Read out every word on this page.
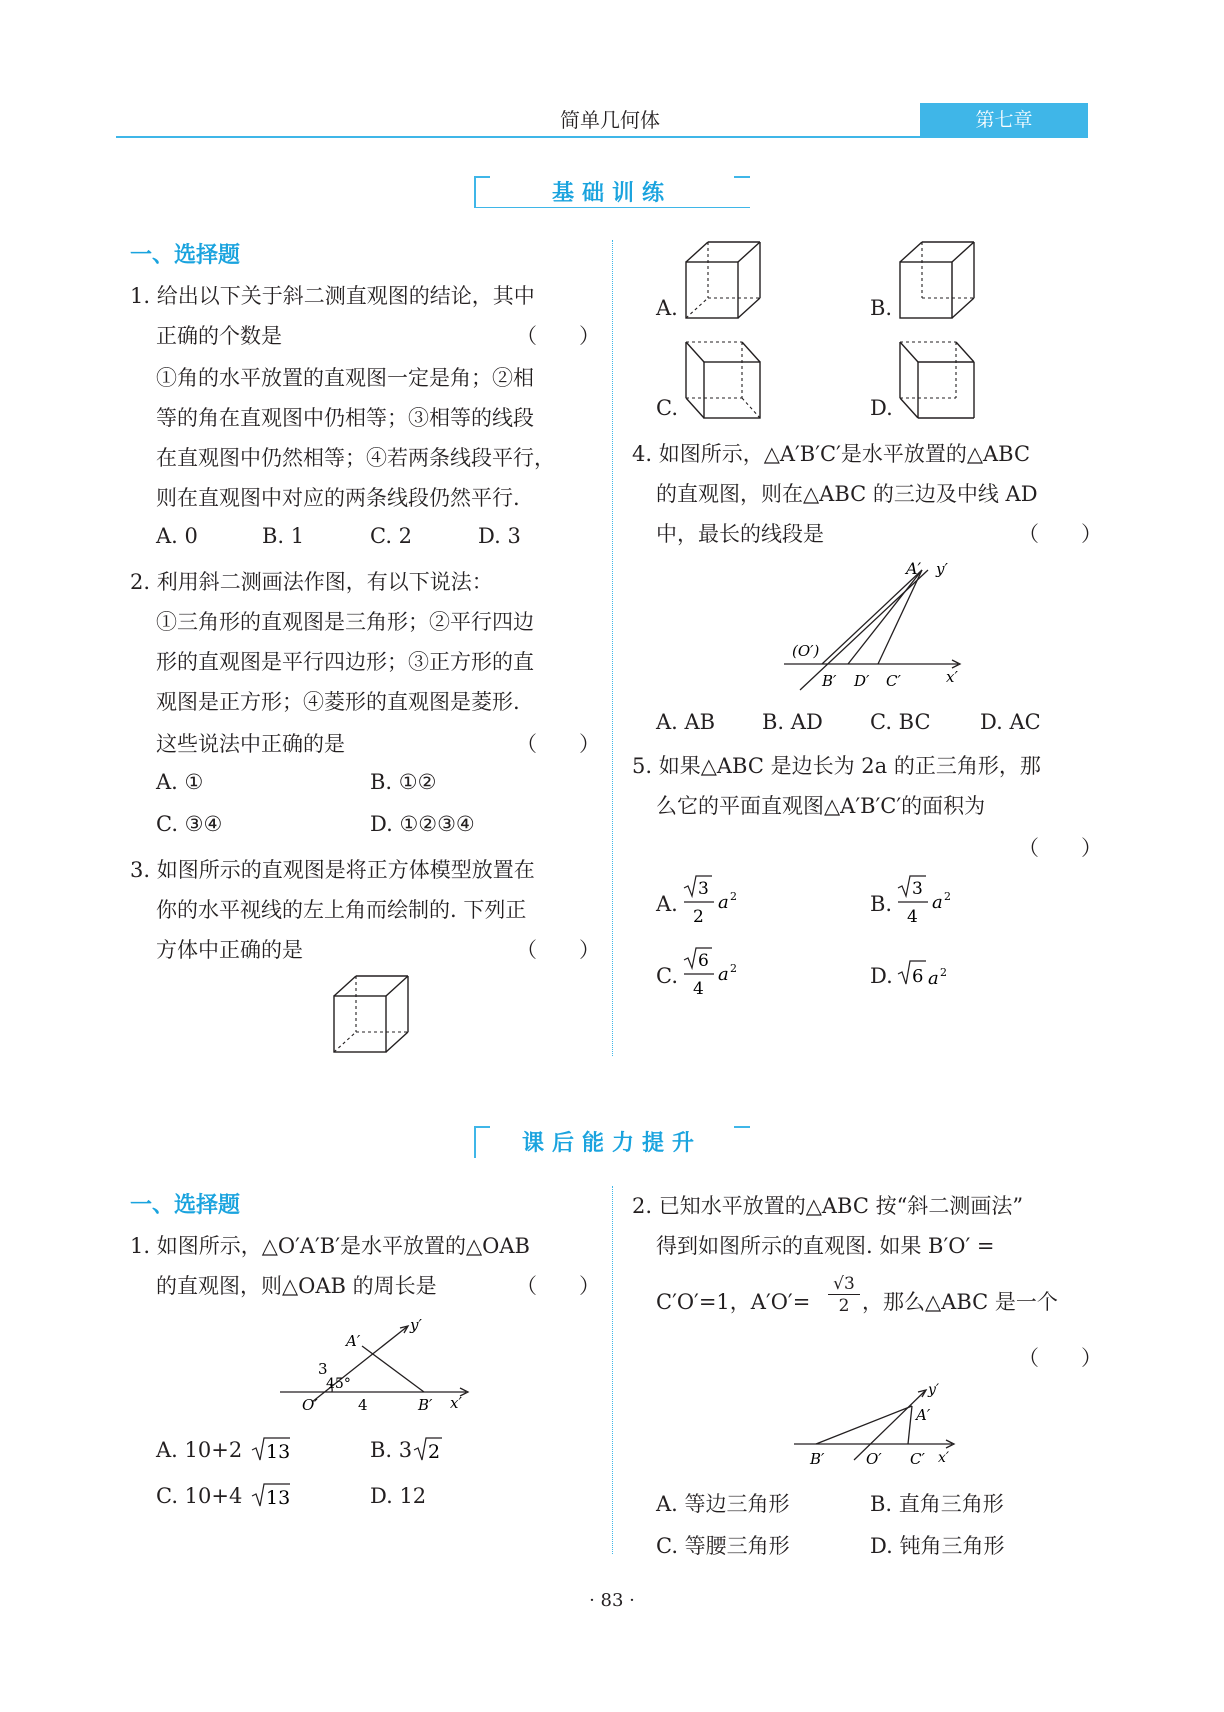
简单几何体	第七章
基础训练
一、选择题
1. 给出以下关于斜二测直观图的结论，其中
正确的个数是	（　　）
①角的水平放置的直观图一定是角；②相
等的角在直观图中仍相等；③相等的线段
在直观图中仍然相等；④若两条线段平行，
则在直观图中对应的两条线段仍然平行.
A. 0	B. 1	C. 2	D. 3
2. 利用斜二测画法作图，有以下说法：
①三角形的直观图是三角形；②平行四边
形的直观图是平行四边形；③正方形的直
观图是正方形；④菱形的直观图是菱形.
这些说法中正确的是	（　　）
A. ①	B. ①②
C. ③④	D. ①②③④
3. 如图所示的直观图是将正方体模型放置在
你的水平视线的左上角而绘制的. 下列正
方体中正确的是	（　　）
A.	B.
C.	D.
4. 如图所示，△A′B′C′是水平放置的△ABC
的直观图，则在△ABC 的三边及中线 AD
中，最长的线段是	（　　）
A′ y′
(O′)
B′ D′ C′	x′
A. AB B. AD C. BC D. AC
5. 如果△ABC 是边长为 2a 的正三角形，那
么它的平面直观图△A′B′C′的面积为
（　　）
A.
3
2
a 2	B.
3
4
a 2
C.
6
4
a 2	D. 6 a 2
课后能力提升
一、选择题
1. 如图所示，△O′A′B′是水平放置的△OAB
的直观图，则△OAB 的周长是	（　　）
A′
y′
3
45°
O′	4	B′ x′
A. 10+2 13	B. 3 2
C. 10+4 13	D. 12
2. 已知水平放置的△ABC 按“斜二测画法”
得到如图所示的直观图. 如果 B′O′ =
C′O′=1，A′O′=
√3
2 ，那么△ABC 是一个
（　　）
y′
A′
B′	O′ C′ x′
A. 等边三角形	B. 直角三角形
C. 等腰三角形	D. 钝角三角形
· 83 ·
